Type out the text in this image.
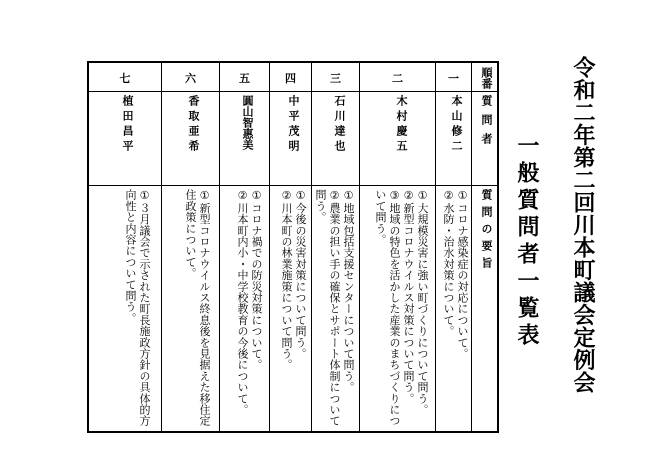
令和二年第二回川本町議会定例会
一般質問者一覧表
順番
質問者
質問の要旨
一
本山修二
①コロナ感染症の対応について。
②水防・治水対策について。
二
木村慶五
①大規模災害に強い町づくりについて問う。
②新型コロナウイルス対策について問う。
③地域の特色を活かした産業のまちづくりについて問う。
三
石川達也
①地域包括支援センターについて問う。
②農業の担い手の確保とサポート体制について問う。
四
中平茂明
①今後の災害対策について問う。
②川本町の林業施策について問う。
五
圓山智惠美
①コロナ禍での防災対策について。
②川本町内小・中学校教育の今後について。
六
香取亜希
①新型コロナウイルス終息後を見据えた移住定住政策について。
七
植田昌平
①３月議会で示された町長施政方針の具体的方向性と内容について問う。
